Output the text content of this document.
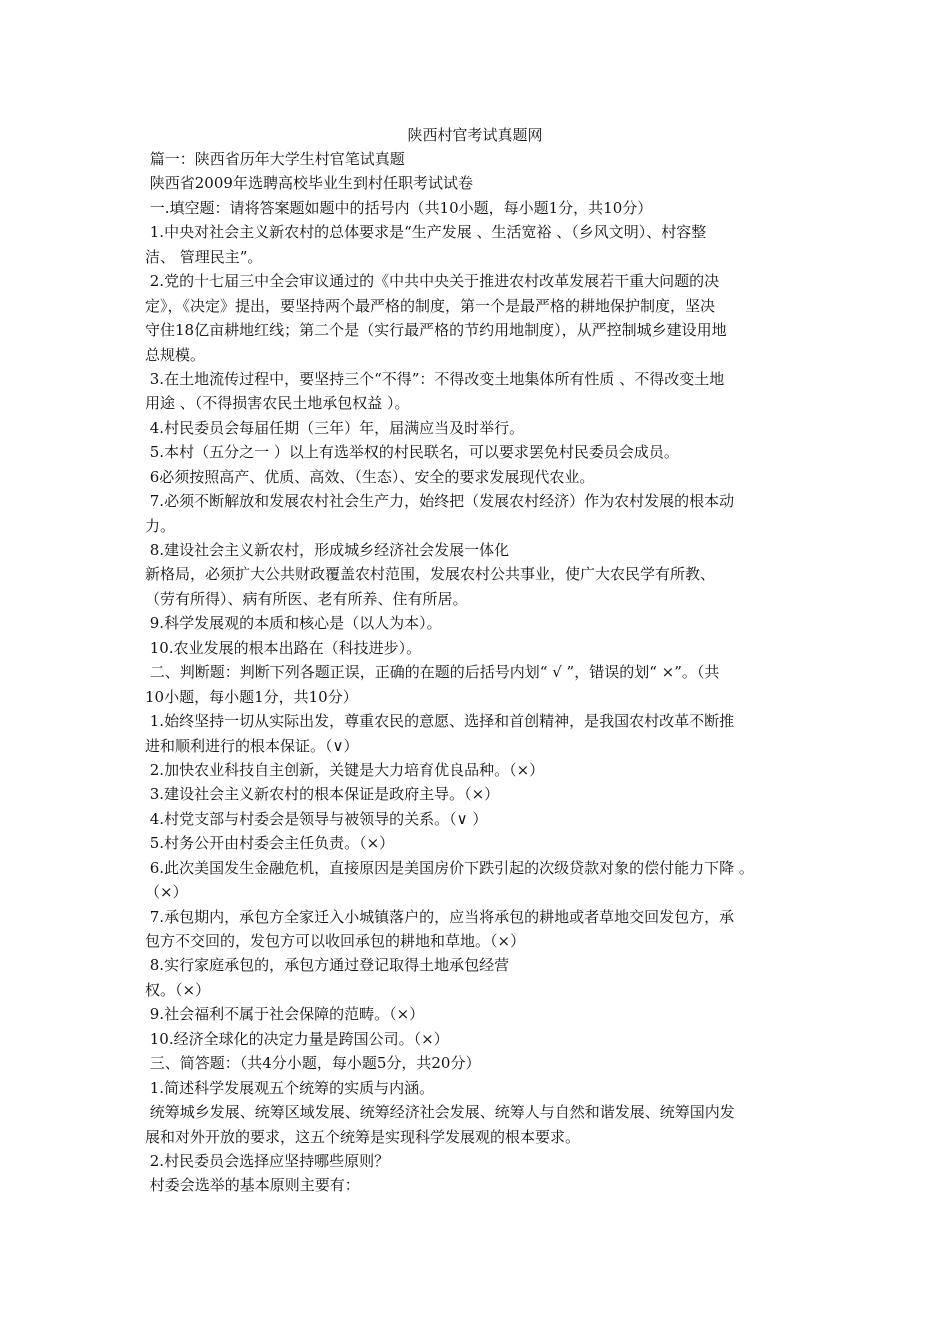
陕西村官考试真题网
篇一：陕西省历年大学生村官笔试真题
陕西省2009年选聘高校毕业生到村任职考试试卷
一.填空题：请将答案题如题中的括号内（共10小题，每小题1分，共10分）
1.中央对社会主义新农村的总体要求是“生产发展 、生活宽裕 、（乡风文明）、村容整
洁、 管理民主”。
2.党的十七届三中全会审议通过的《中共中央关于推进农村改革发展若干重大问题的决
定》，《决定》提出，要坚持两个最严格的制度，第一个是最严格的耕地保护制度，坚决
守住18亿亩耕地红线；第二个是（实行最严格的节约用地制度），从严控制城乡建设用地
总规模。
3.在土地流传过程中，要坚持三个“不得”：不得改变土地集体所有性质 、不得改变土地
用途 、（不得损害农民土地承包权益 ）。
4.村民委员会每届任期（三年）年，届满应当及时举行。
5.本村（五分之一 ）以上有选举权的村民联名，可以要求罢免村民委员会成员。
6必须按照高产、优质、高效、（生态）、安全的要求发展现代农业。
7.必须不断解放和发展农村社会生产力，始终把（发展农村经济）作为农村发展的根本动
力。
8.建设社会主义新农村，形成城乡经济社会发展一体化
新格局，必须扩大公共财政覆盖农村范围，发展农村公共事业，使广大农民学有所教、
（劳有所得）、病有所医、老有所养、住有所居。
9.科学发展观的本质和核心是（以人为本）。
10.农业发展的根本出路在（科技进步）。
二、判断题：判断下列各题正误，正确的在题的后括号内划“ √ ”，错误的划“ ×”。（共
10小题，每小题1分，共10分）
1.始终坚持一切从实际出发，尊重农民的意愿、选择和首创精神，是我国农村改革不断推
进和顺利进行的根本保证。（∨）
2.加快农业科技自主创新，关键是大力培育优良品种。（×）
3.建设社会主义新农村的根本保证是政府主导。（×）
4.村党支部与村委会是领导与被领导的关系。（∨ ）
5.村务公开由村委会主任负责。（×）
6.此次美国发生金融危机，直接原因是美国房价下跌引起的次级贷款对象的偿付能力下降 。
（×）
7.承包期内，承包方全家迁入小城镇落户的，应当将承包的耕地或者草地交回发包方，承
包方不交回的，发包方可以收回承包的耕地和草地。（×）
8.实行家庭承包的，承包方通过登记取得土地承包经营
权。（×）
9.社会福利不属于社会保障的范畴。（×）
10.经济全球化的决定力量是跨国公司。（×）
三、简答题：（共4分小题，每小题5分，共20分）
1.简述科学发展观五个统筹的实质与内涵。
统筹城乡发展、统筹区域发展、统筹经济社会发展、统筹人与自然和谐发展、统筹国内发
展和对外开放的要求，这五个统筹是实现科学发展观的根本要求。
2.村民委员会选择应坚持哪些原则？
村委会选举的基本原则主要有：
